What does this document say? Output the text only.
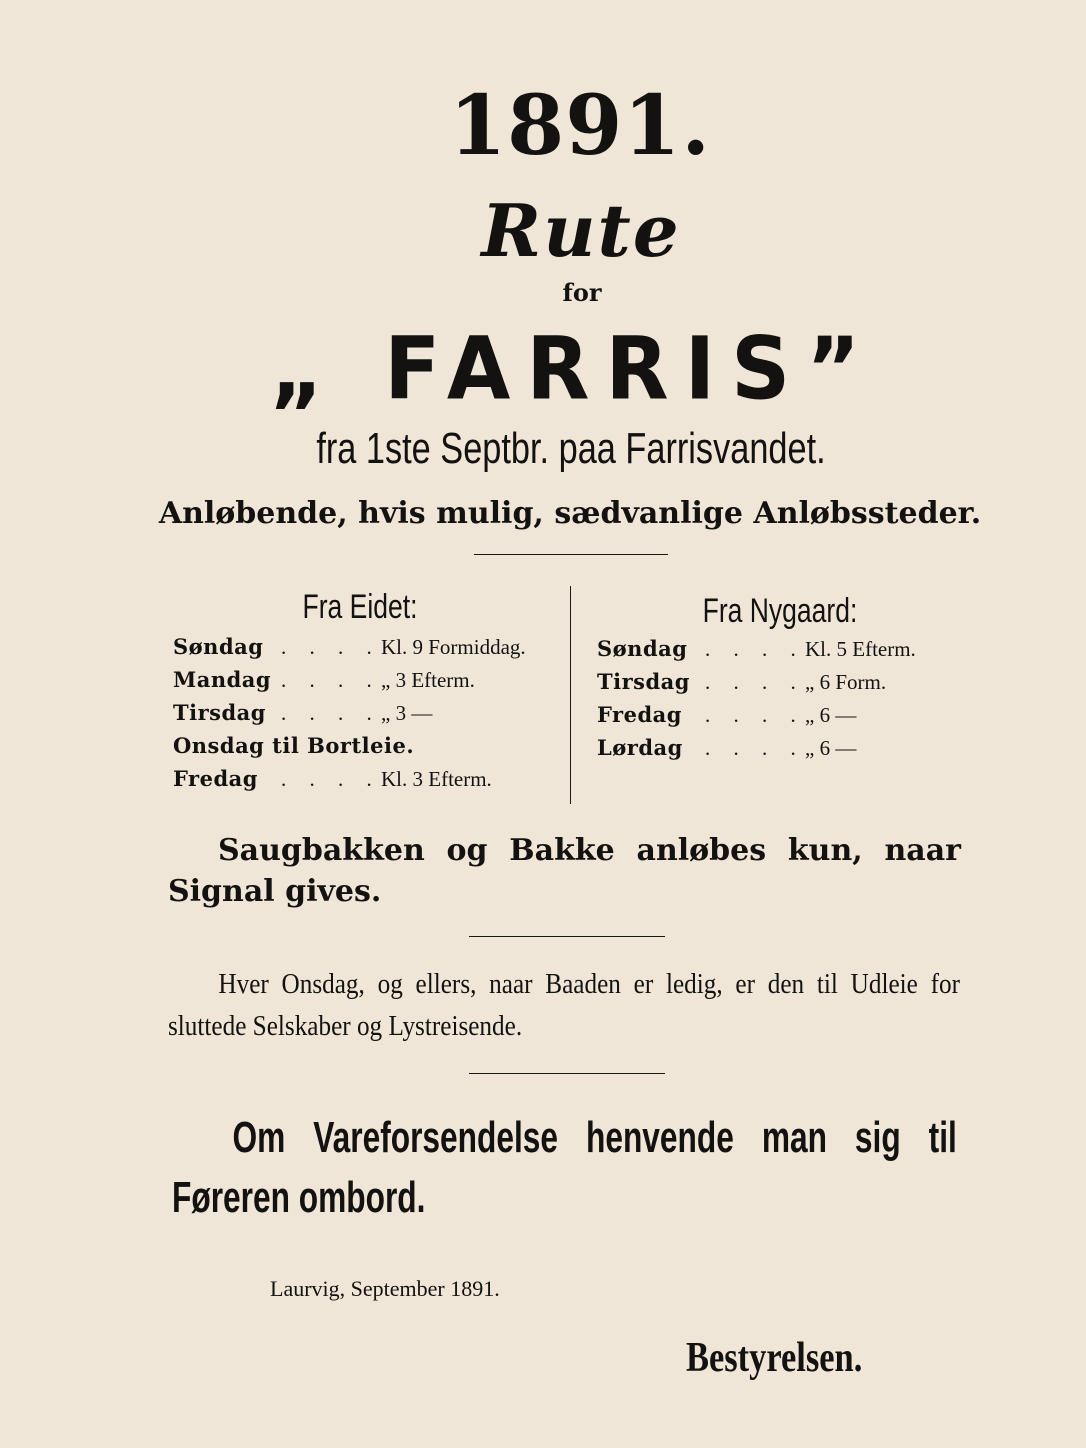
1891.
Rute
for
„ FARRIS”
fra 1ste Septbr. paa Farrisvandet.
Anløbende, hvis mulig, sædvanlige Anløbssteder.
Fra Eidet:
Søndag . . . .Kl. 9 Formiddag.
Mandag . . . .„ 3 Efterm.
Tirsdag . . . .„ 3 —
Onsdag til Bortleie.
Fredag . . . .Kl. 3 Efterm.
Fra Nygaard:
Søndag . . . .Kl. 5 Efterm.
Tirsdag . . . .„ 6 Form.
Fredag . . . .„ 6 —
Lørdag . . . .„ 6 —
Saugbakken og Bakke anløbes kun, naar Signal gives.
Hver Onsdag, og ellers, naar Baaden er ledig, er den til Udleie for sluttede Selskaber og Lystreisende.
Om Vareforsendelse henvende man sig til Føreren ombord.
Laurvig, September 1891.
Bestyrelsen.
